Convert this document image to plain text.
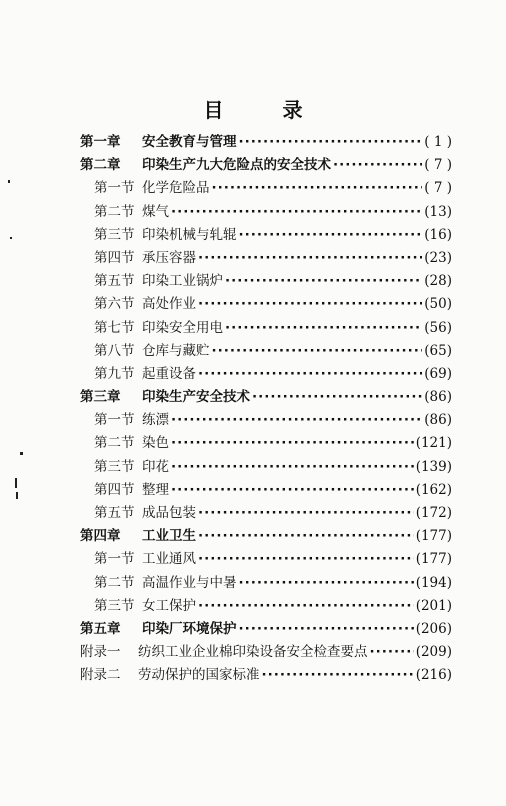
目 录
第一章	安全教育与管理 ·····	( 1 )
第二章	印染生产九大危险点的安全技术 ·····	( 7 )
第一节 化学危险品 ·····	( 7 )
第二节 煤气 ·····	(13)
第三节 印染机械与轧辊 ·····	(16)
第四节 承压容器 ·····	(23)
第五节 印染工业锅炉 ·····	(28)
第六节 高处作业 ·····	(50)
第七节 印染安全用电 ·····	(56)
第八节 仓库与藏贮 ·····	(65)
第九节 起重设备 ·····	(69)
第三章	印染生产安全技术 ·····	(86)
第一节 练漂 ·····	(86)
第二节 染色 ·····	(121)
第三节 印花 ·····	(139)
第四节 整理 ·····	(162)
第五节 成品包装 ·····	(172)
第四章	工业卫生 ·····	(177)
第一节 工业通风 ·····	(177)
第二节 高温作业与中暑 ·····	(194)
第三节 女工保护 ·····	(201)
第五章	印染厂环境保护 ·····	(206)
附录一	纺织工业企业棉印染设备安全检查要点 ·····	(209)
附录二	劳动保护的国家标准 ·····	(216)
